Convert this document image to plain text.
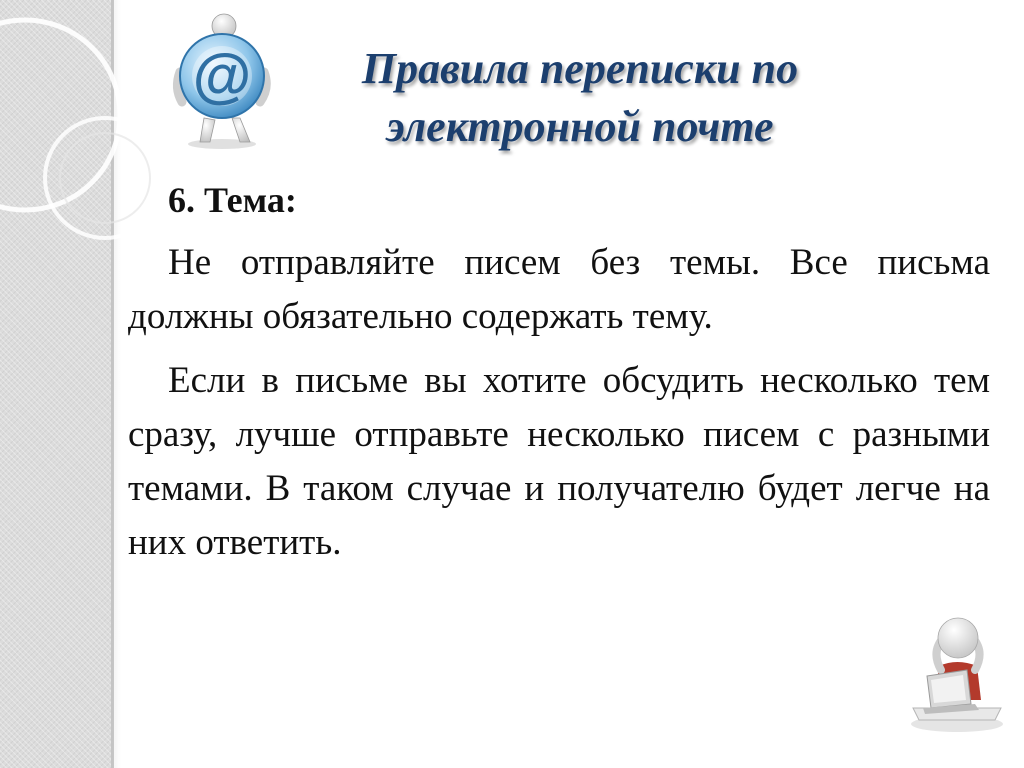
@	Правила переписки по
электронной почте
6. Тема:

Не отправляйте писем без темы. Все письма должны обязательно содержать тему.

Если в письме вы хотите обсудить несколько тем сразу, лучше отправьте несколько писем с разными темами. В таком случае и получателю будет легче на них ответить.
